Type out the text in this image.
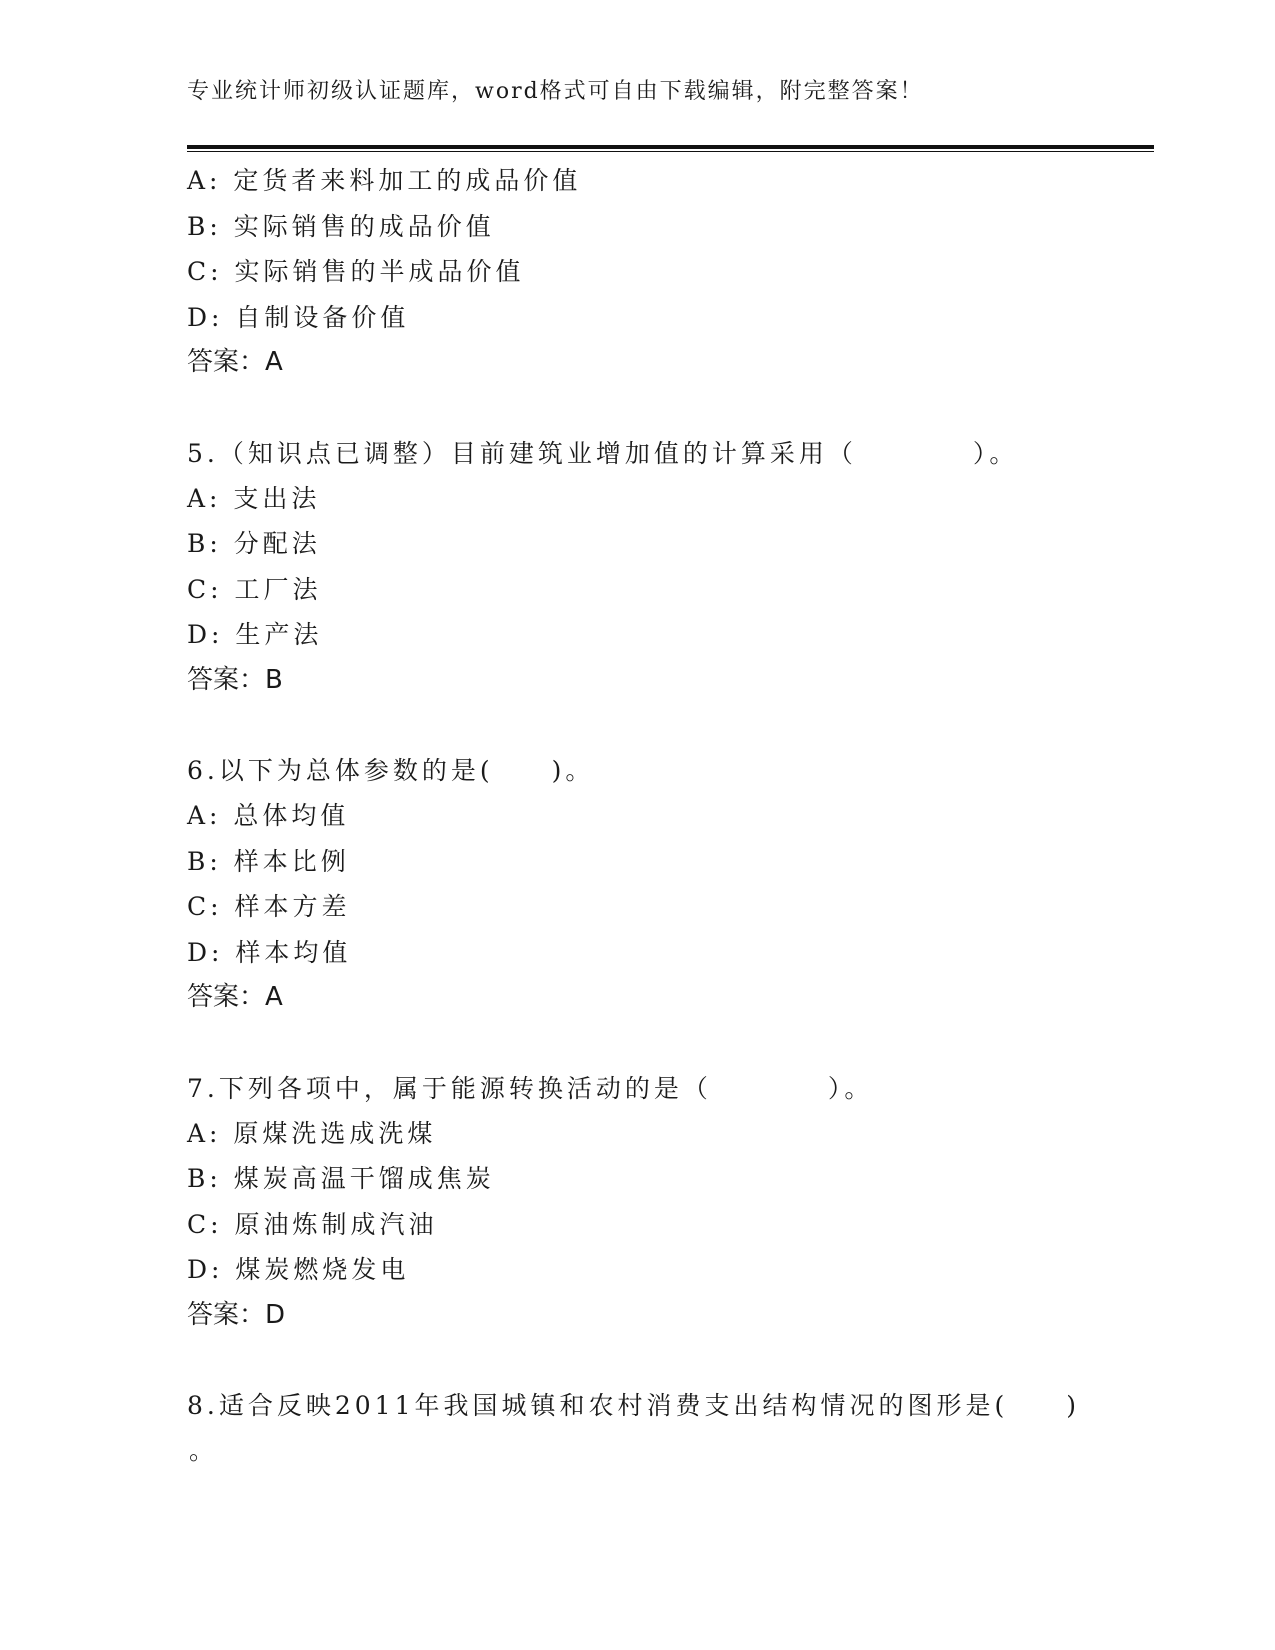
专业统计师初级认证题库，word格式可自由下载编辑，附完整答案！
A: 定货者来料加工的成品价值
B: 实际销售的成品价值
C: 实际销售的半成品价值
D: 自制设备价值
答案：A
5.（知识点已调整）目前建筑业增加值的计算采用（　　　　）。
A: 支出法
B: 分配法
C: 工厂法
D: 生产法
答案：B
6.以下为总体参数的是(　　)。
A: 总体均值
B: 样本比例
C: 样本方差
D: 样本均值
答案：A
7.下列各项中，属于能源转换活动的是（　　　　）。
A: 原煤洗选成洗煤
B: 煤炭高温干馏成焦炭
C: 原油炼制成汽油
D: 煤炭燃烧发电
答案：D
8.适合反映2011年我国城镇和农村消费支出结构情况的图形是(　　)
。
